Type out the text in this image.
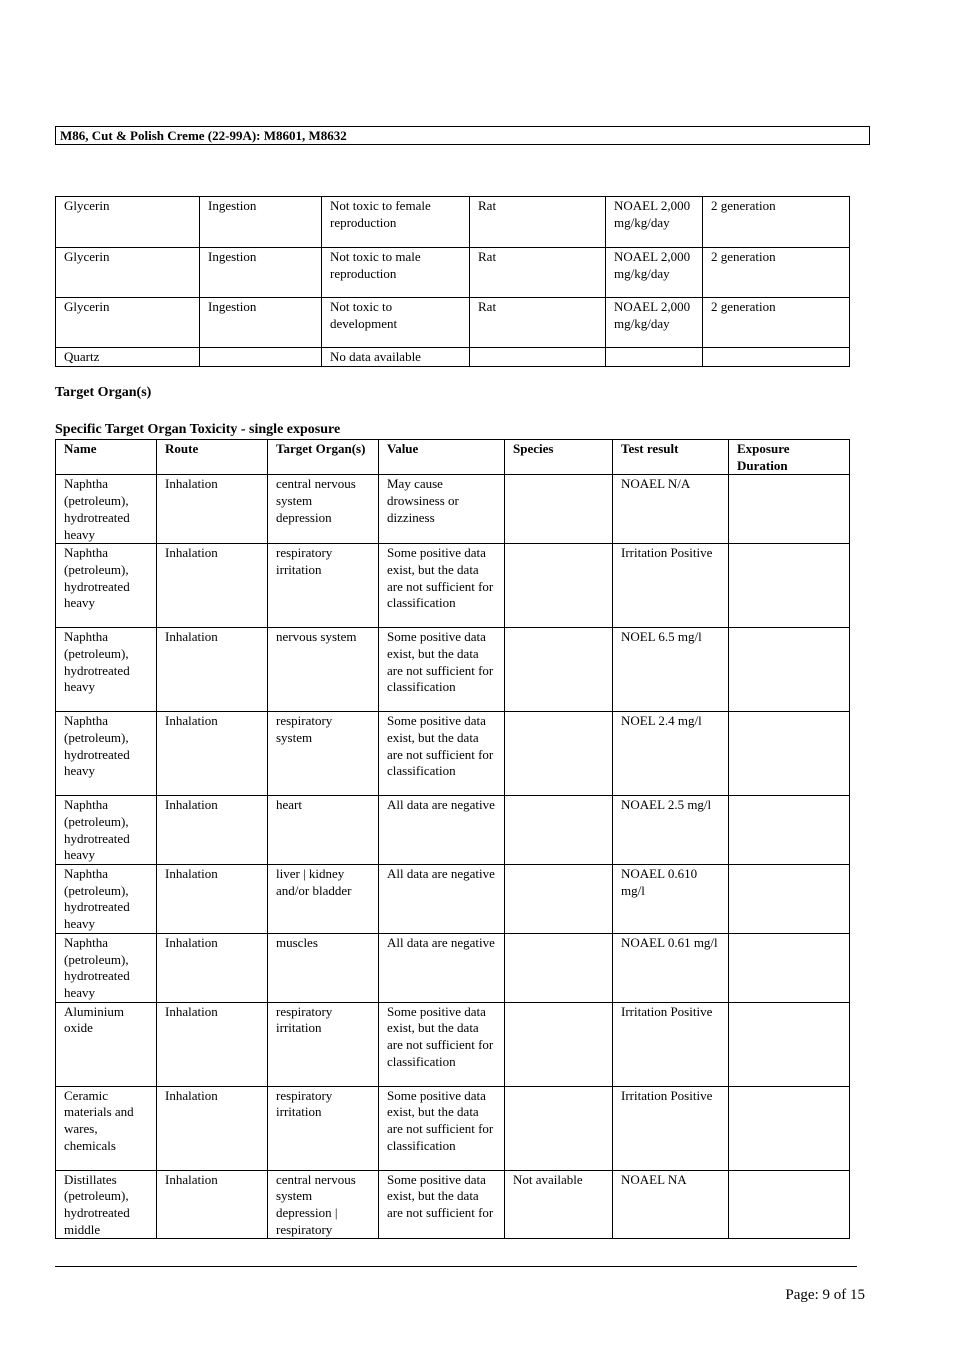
M86, Cut & Polish Creme (22-99A): M8601, M8632
Glycerin	Ingestion	Not toxic to female reproduction	Rat	NOAEL 2,000 mg/kg/day	2 generation
Glycerin	Ingestion	Not toxic to male reproduction	Rat	NOAEL 2,000 mg/kg/day	2 generation
Glycerin	Ingestion	Not toxic to development	Rat	NOAEL 2,000 mg/kg/day	2 generation
Quartz		No data available			
Target Organ(s)
Specific Target Organ Toxicity - single exposure
Name	Route	Target Organ(s)	Value	Species	Test result	Exposure Duration
Naphtha (petroleum), hydrotreated heavy	Inhalation	central nervous system depression	May cause drowsiness or dizziness		NOAEL N/A	
Naphtha (petroleum), hydrotreated heavy	Inhalation	respiratory irritation	Some positive data exist, but the data are not sufficient for classification		Irritation Positive	
Naphtha (petroleum), hydrotreated heavy	Inhalation	nervous system	Some positive data exist, but the data are not sufficient for classification		NOEL 6.5 mg/l	
Naphtha (petroleum), hydrotreated heavy	Inhalation	respiratory system	Some positive data exist, but the data are not sufficient for classification		NOEL 2.4 mg/l	
Naphtha (petroleum), hydrotreated heavy	Inhalation	heart	All data are negative		NOAEL 2.5 mg/l	
Naphtha (petroleum), hydrotreated heavy	Inhalation	liver | kidney and/or bladder	All data are negative		NOAEL 0.610 mg/l	
Naphtha (petroleum), hydrotreated heavy	Inhalation	muscles	All data are negative		NOAEL 0.61 mg/l	
Aluminium oxide	Inhalation	respiratory irritation	Some positive data exist, but the data are not sufficient for classification		Irritation Positive	
Ceramic materials and wares, chemicals	Inhalation	respiratory irritation	Some positive data exist, but the data are not sufficient for classification		Irritation Positive	
Distillates (petroleum), hydrotreated middle	Inhalation	central nervous system depression | respiratory	Some positive data exist, but the data are not sufficient for	Not available	NOAEL NA	
Page: 9 of 15
